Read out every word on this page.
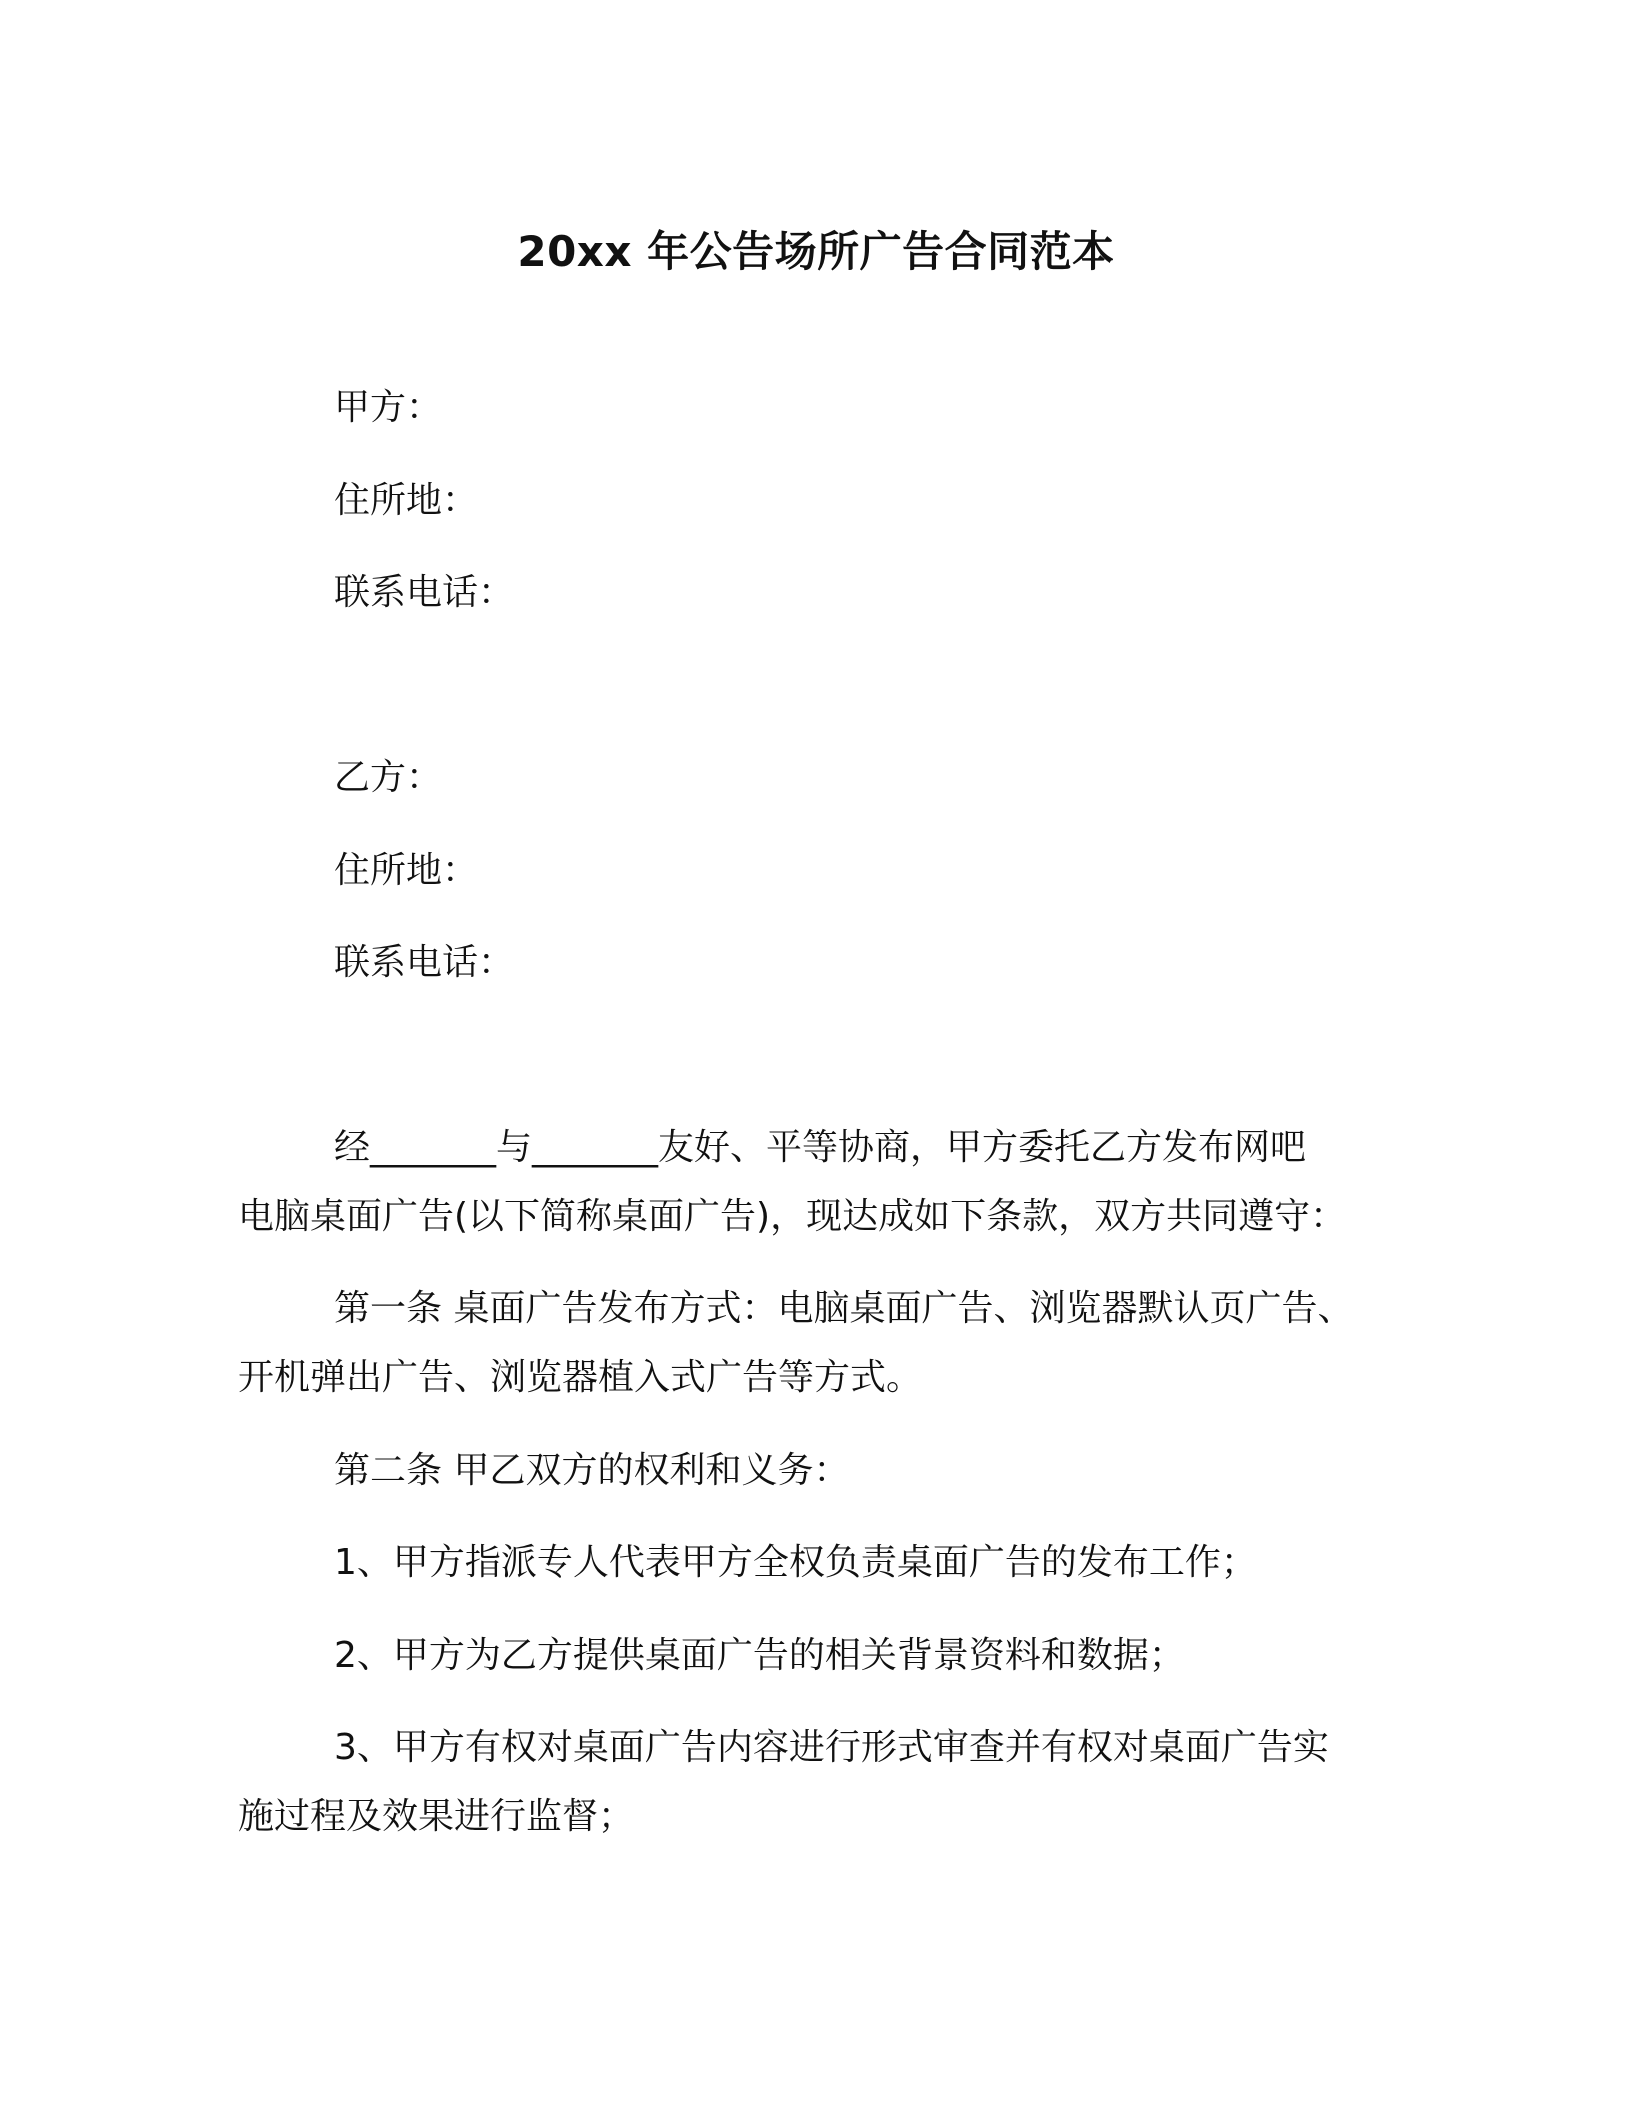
20xx 年公告场所广告合同范本
甲方：
住所地：
联系电话：
乙方：
住所地：
联系电话：
经_______与_______友好、平等协商，甲方委托乙方发布网吧
电脑桌面广告(以下简称桌面广告)，现达成如下条款，双方共同遵守：
第一条 桌面广告发布方式：电脑桌面广告、浏览器默认页广告、
开机弹出广告、浏览器植入式广告等方式。
第二条 甲乙双方的权利和义务：
1、甲方指派专人代表甲方全权负责桌面广告的发布工作；
2、甲方为乙方提供桌面广告的相关背景资料和数据；
3、甲方有权对桌面广告内容进行形式审查并有权对桌面广告实
施过程及效果进行监督；
